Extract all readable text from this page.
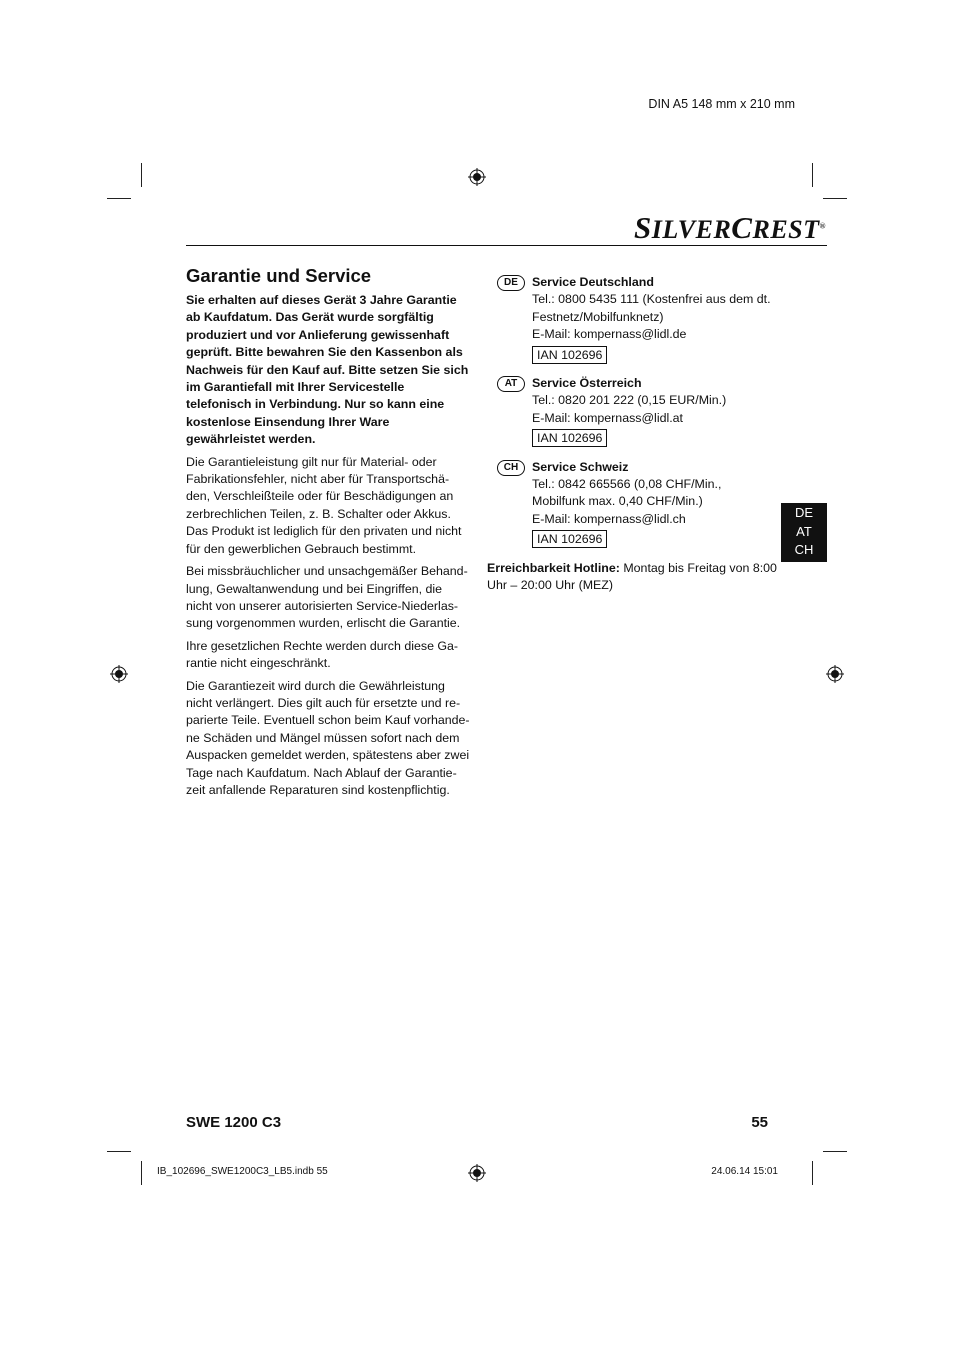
DIN A5 148 mm x 210 mm
SILVERCREST®
Garantie und Service

Sie erhalten auf dieses Gerät 3 Jahre Garantie ab Kaufdatum. Das Gerät wurde sorgfältig produziert und vor Anlieferung gewissenhaft geprüft. Bitte bewahren Sie den Kassenbon als Nachweis für den Kauf auf. Bitte setzen Sie sich im Garantiefall mit Ihrer Servicestelle telefonisch in Verbindung. Nur so kann eine kostenlose Einsendung Ihrer Ware gewährleistet werden.

Die Garantieleistung gilt nur für Material- oder Fabrikationsfehler, nicht aber für Transportschä-den, Verschleißteile oder für Beschädigungen an zerbrechlichen Teilen, z. B. Schalter oder Akkus. Das Produkt ist lediglich für den privaten und nicht für den gewerblichen Gebrauch bestimmt.

Bei missbräuchlicher und unsachgemäßer Behand-lung, Gewaltanwendung und bei Eingriffen, die nicht von unserer autorisierten Service-Niederlas-sung vorgenommen wurden, erlischt die Garantie.

Ihre gesetzlichen Rechte werden durch diese Ga-rantie nicht eingeschränkt.

Die Garantiezeit wird durch die Gewährleistung nicht verlängert. Dies gilt auch für ersetzte und re-parierte Teile. Eventuell schon beim Kauf vorhande-ne Schäden und Mängel müssen sofort nach dem Auspacken gemeldet werden, spätestens aber zwei Tage nach Kaufdatum. Nach Ablauf der Garantie-zeit anfallende Reparaturen sind kostenpflichtig.

DE	Service Deutschland
Tel.: 0800 5435 111 (Kostenfrei aus dem dt. Festnetz/Mobilfunknetz)
E-Mail: kompernass@lidl.de
IAN 102696
AT	Service Österreich
Tel.: 0820 201 222 (0,15 EUR/Min.)
E-Mail: kompernass@lidl.at
IAN 102696
CH	Service Schweiz
Tel.: 0842 665566 (0,08 CHF/Min., Mobilfunk max. 0,40 CHF/Min.)
E-Mail: kompernass@lidl.ch
IAN 102696
Erreichbarkeit Hotline: Montag bis Freitag von 8:00 Uhr – 20:00 Uhr (MEZ)
DE
AT
CH
SWE 1200 C3	55
IB_102696_SWE1200C3_LB5.indb 55	24.06.14 15:01
